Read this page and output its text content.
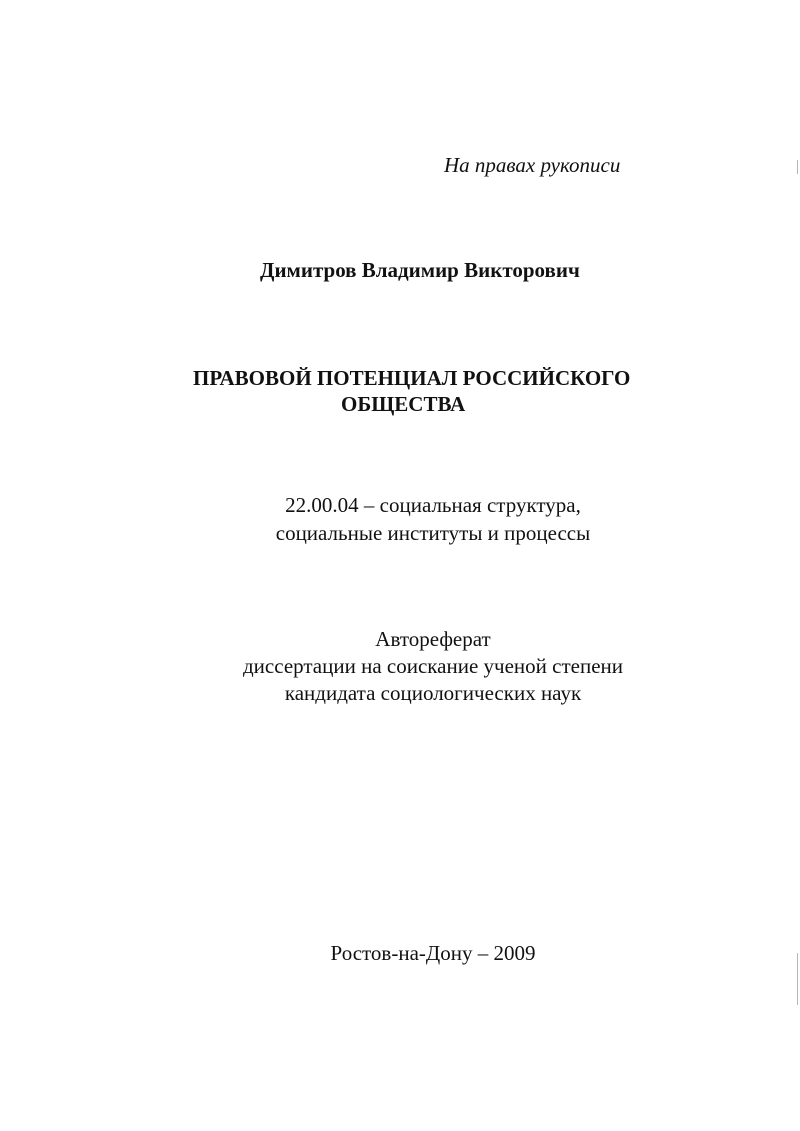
На правах рукописи
Димитров Владимир Викторович
ПРАВОВОЙ ПОТЕНЦИАЛ РОССИЙСКОГО
ОБЩЕСТВА
22.00.04 – социальная структура,
социальные институты и процессы
Автореферат
диссертации на соискание ученой степени
кандидата социологических наук
Ростов-на-Дону – 2009
